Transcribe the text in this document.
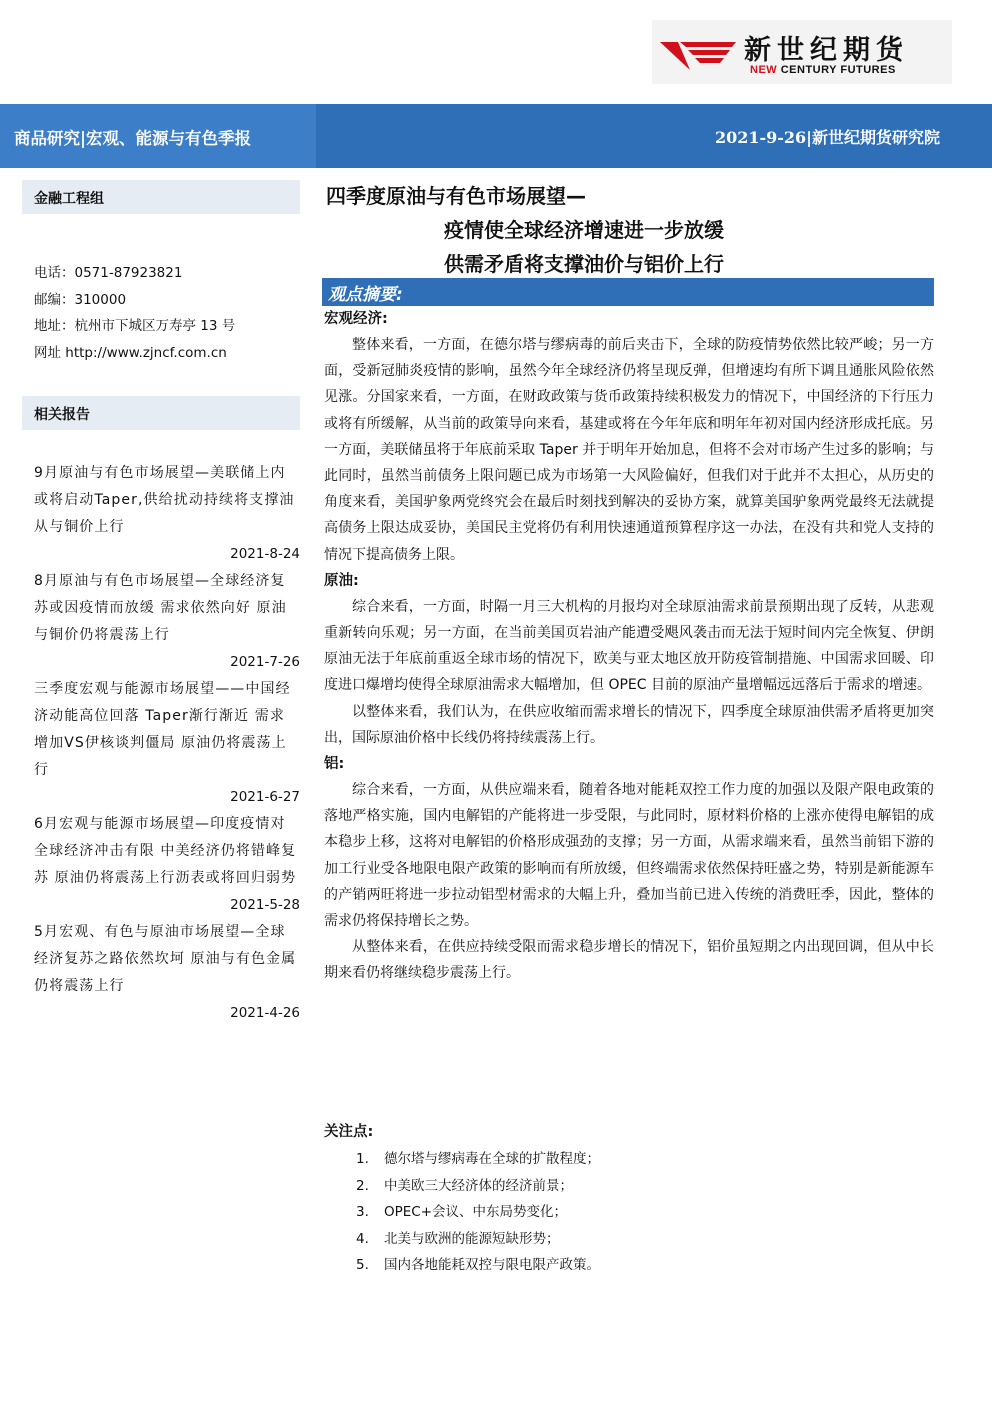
新世纪期货
NEW CENTURY FUTURES
商品研究|宏观、能源与有色季报	2021-9-26|新世纪期货研究院
金融工程组
电话：0571-87923821
邮编：310000
地址：杭州市下城区万寿亭 13 号
网址 http://www.zjncf.com.cn
相关报告
9月原油与有色市场展望—美联储上内或将启动Taper,供给扰动持续将支撑油从与铜价上行
2021-8-24
8月原油与有色市场展望—全球经济复苏或因疫情而放缓 需求依然向好 原油与铜价仍将震荡上行
2021-7-26
三季度宏观与能源市场展望——中国经济动能高位回落 Taper渐行渐近 需求增加VS伊核谈判僵局 原油仍将震荡上行
2021-6-27
6月宏观与能源市场展望—印度疫情对全球经济冲击有限 中美经济仍将错峰复苏 原油仍将震荡上行沥表或将回归弱势
2021-5-28
5月宏观、有色与原油市场展望—全球经济复苏之路依然坎坷 原油与有色金属仍将震荡上行
2021-4-26
四季度原油与有色市场展望—
疫情使全球经济增速进一步放缓
供需矛盾将支撑油价与铝价上行
观点摘要:
宏观经济:

整体来看，一方面，在德尔塔与缪病毒的前后夹击下，全球的防疫情势依然比较严峻；另一方面，受新冠肺炎疫情的影响，虽然今年全球经济仍将呈现反弹，但增速均有所下调且通胀风险依然见涨。分国家来看，一方面，在财政政策与货币政策持续积极发力的情况下，中国经济的下行压力或将有所缓解，从当前的政策导向来看，基建或将在今年年底和明年年初对国内经济形成托底。另一方面，美联储虽将于年底前采取 Taper 并于明年开始加息，但将不会对市场产生过多的影响；与此同时，虽然当前债务上限问题已成为市场第一大风险偏好，但我们对于此并不太担心，从历史的角度来看，美国驴象两党终究会在最后时刻找到解决的妥协方案，就算美国驴象两党最终无法就提高债务上限达成妥协，美国民主党将仍有利用快速通道预算程序这一办法，在没有共和党人支持的情况下提高债务上限。

原油:

综合来看，一方面，时隔一月三大机构的月报均对全球原油需求前景预期出现了反转，从悲观重新转向乐观；另一方面，在当前美国页岩油产能遭受飓风袭击而无法于短时间内完全恢复、伊朗原油无法于年底前重返全球市场的情况下，欧美与亚太地区放开防疫管制措施、中国需求回暖、印度进口爆增均使得全球原油需求大幅增加，但 OPEC 目前的原油产量增幅远远落后于需求的增速。

以整体来看，我们认为，在供应收缩而需求增长的情况下，四季度全球原油供需矛盾将更加突出，国际原油价格中长线仍将持续震荡上行。

铝:

综合来看，一方面，从供应端来看，随着各地对能耗双控工作力度的加强以及限产限电政策的落地严格实施，国内电解铝的产能将进一步受限，与此同时，原材料价格的上涨亦使得电解铝的成本稳步上移，这将对电解铝的价格形成强劲的支撑；另一方面，从需求端来看，虽然当前铝下游的加工行业受各地限电限产政策的影响而有所放缓，但终端需求依然保持旺盛之势，特别是新能源车的产销两旺将进一步拉动铝型材需求的大幅上升，叠加当前已进入传统的消费旺季，因此，整体的需求仍将保持增长之势。

从整体来看，在供应持续受限而需求稳步增长的情况下，铝价虽短期之内出现回调，但从中长期来看仍将继续稳步震荡上行。

关注点:
1. 德尔塔与缪病毒在全球的扩散程度；
2. 中美欧三大经济体的经济前景；
3. OPEC+会议、中东局势变化；
4. 北美与欧洲的能源短缺形势；
5. 国内各地能耗双控与限电限产政策。
